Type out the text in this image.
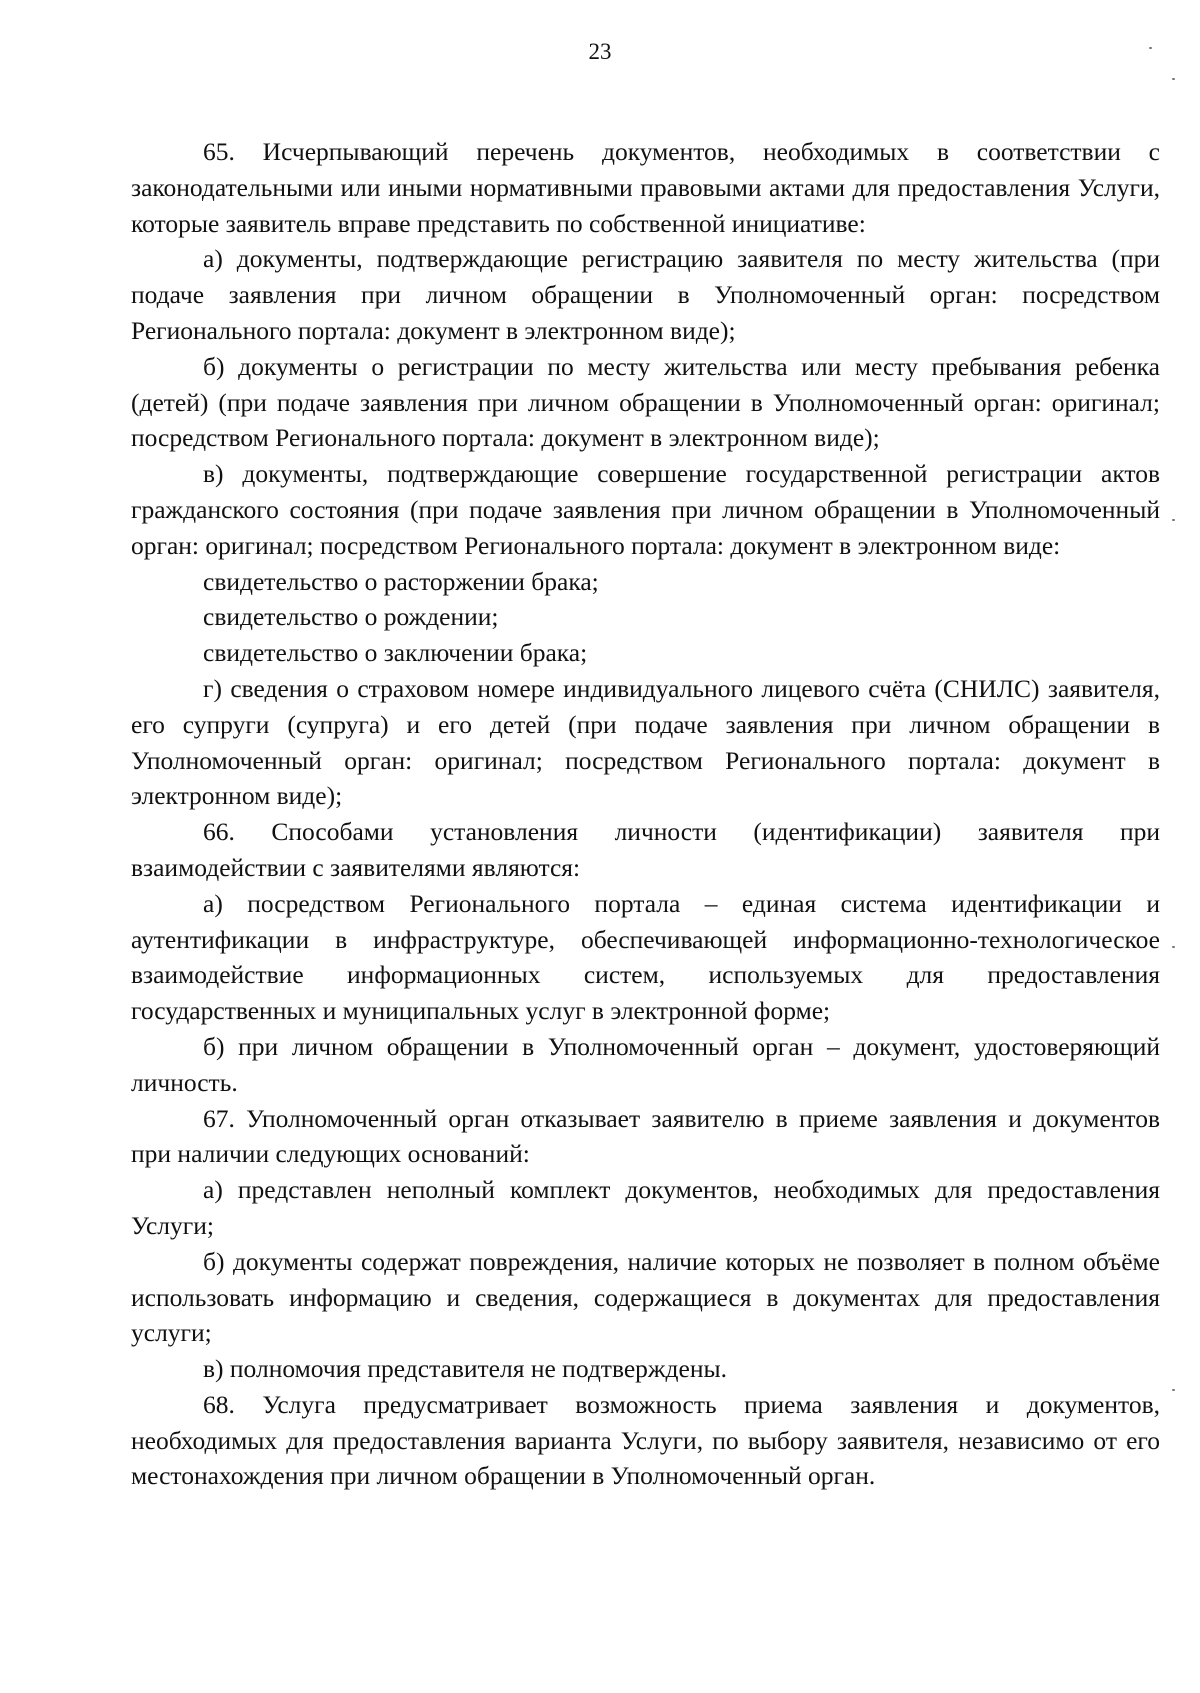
23

65. Исчерпывающий перечень документов, необходимых в соответствии с законодательными или иными нормативными правовыми актами для предоставления Услуги, которые заявитель вправе представить по собственной инициативе:

а) документы, подтверждающие регистрацию заявителя по месту жительства (при подаче заявления при личном обращении в Уполномоченный орган: посредством Регионального портала: документ в электронном виде);

б) документы о регистрации по месту жительства или месту пребывания ребенка (детей) (при подаче заявления при личном обращении в Уполномоченный орган: оригинал; посредством Регионального портала: документ в электронном виде);

в) документы, подтверждающие совершение государственной регистрации актов гражданского состояния (при подаче заявления при личном обращении в Уполномоченный орган: оригинал; посредством Регионального портала: документ в электронном виде:

свидетельство о расторжении брака;

свидетельство о рождении;

свидетельство о заключении брака;

г) сведения о страховом номере индивидуального лицевого счёта (СНИЛС) заявителя, его супруги (супруга) и его детей (при подаче заявления при личном обращении в Уполномоченный орган: оригинал; посредством Регионального портала: документ в электронном виде);

66. Способами установления личности (идентификации) заявителя при взаимодействии с заявителями являются:

а) посредством Регионального портала – единая система идентификации и аутентификации в инфраструктуре, обеспечивающей информационно-технологическое взаимодействие информационных систем, используемых для предоставления государственных и муниципальных услуг в электронной форме;

б) при личном обращении в Уполномоченный орган – документ, удостоверяющий личность.

67. Уполномоченный орган отказывает заявителю в приеме заявления и документов при наличии следующих оснований:

а) представлен неполный комплект документов, необходимых для предоставления Услуги;

б) документы содержат повреждения, наличие которых не позволяет в полном объёме использовать информацию и сведения, содержащиеся в документах для предоставления услуги;

в) полномочия представителя не подтверждены.

68. Услуга предусматривает возможность приема заявления и документов, необходимых для предоставления варианта Услуги, по выбору заявителя, независимо от его местонахождения при личном обращении в Уполномоченный орган.
